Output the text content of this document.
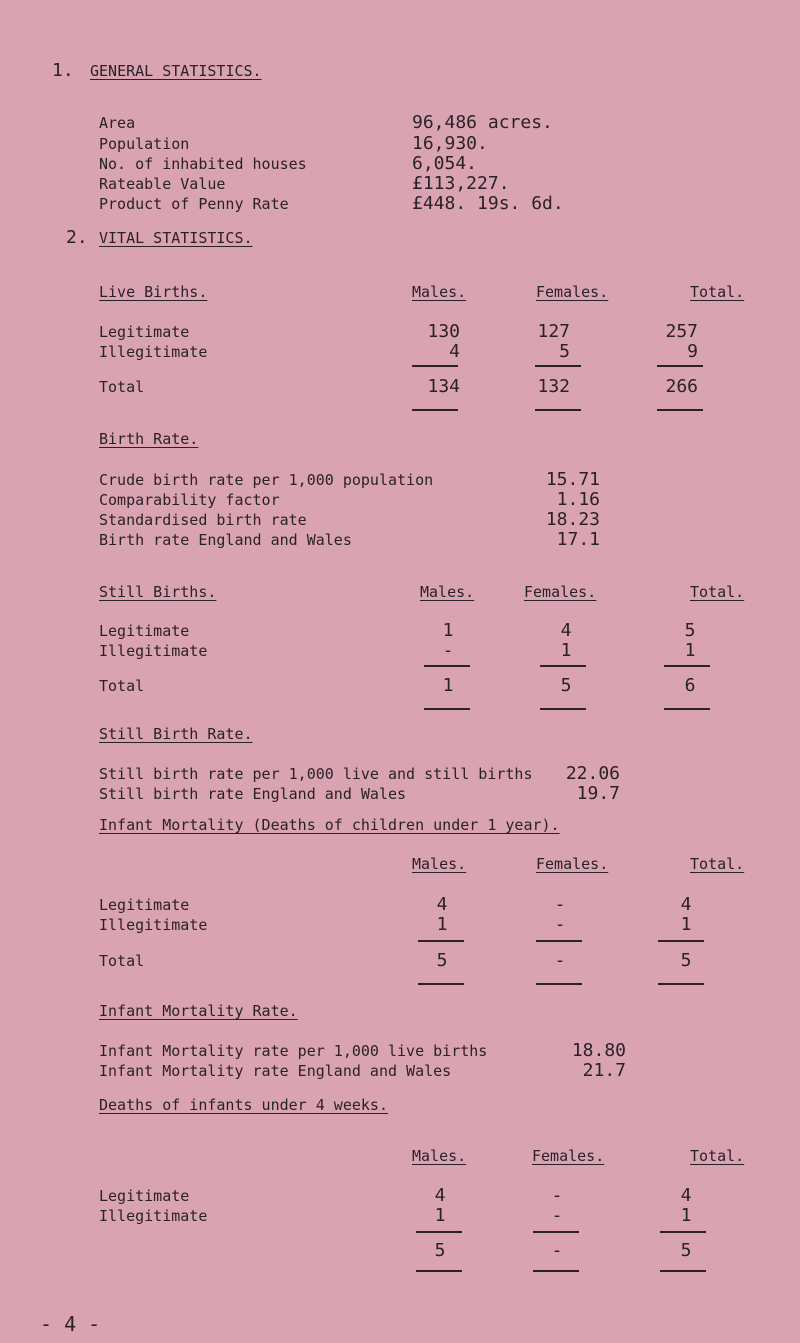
1. GENERAL STATISTICS.
Area	96,486 acres.
Population	16,930.
No. of inhabited houses	6,054.
Rateable Value	£113,227.
Product of Penny Rate	£448. 19s. 6d.
2. VITAL STATISTICS.
Live Births.	Males.	Females.	Total.
Legitimate	130	127	257
Illegitimate	4	5	9
Total	134	132	266
Birth Rate.
Crude birth rate per 1,000 population	15.71
Comparability factor	1.16
Standardised birth rate	18.23
Birth rate England and Wales	17.1
Still Births.	Males.	Females.	Total.
Legitimate	1	4	5
Illegitimate	-	1	1
Total	1	5	6
Still Birth Rate.
Still birth rate per 1,000 live and still births	22.06
Still birth rate England and Wales	19.7
Infant Mortality (Deaths of children under 1 year).
Males.	Females.	Total.
Legitimate	4	-	4
Illegitimate	1	-	1
Total	5	-	5
Infant Mortality Rate.
Infant Mortality rate per 1,000 live births	18.80
Infant Mortality rate England and Wales	21.7
Deaths of infants under 4 weeks.
Males.	Females.	Total.
Legitimate	4	-	4
Illegitimate	1	-	1
5	-	5
- 4 -
